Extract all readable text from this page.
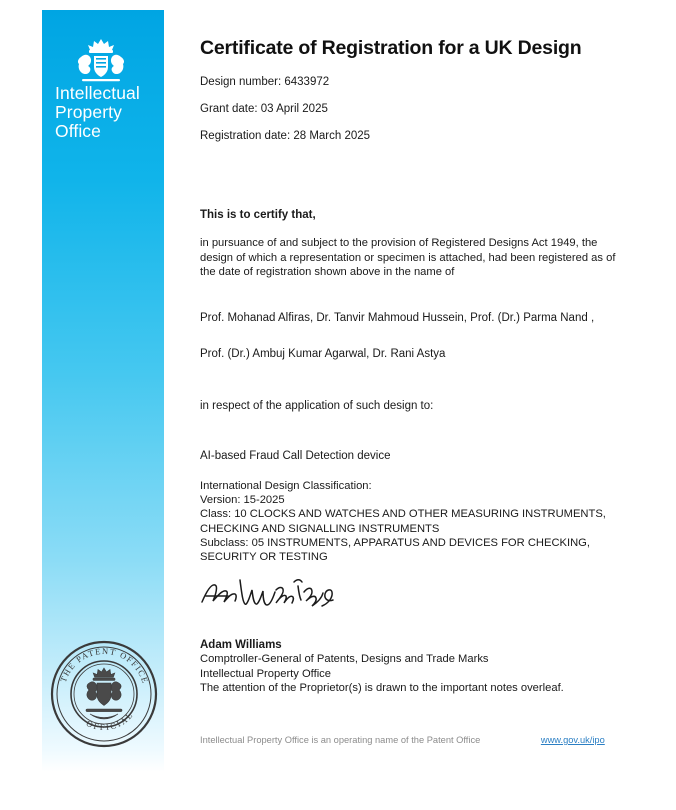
Intellectual
Property
Office
THE PATENT OFFICE
OFFICIAL
Certificate of Registration for a UK Design
Design number: 6433972
Grant date: 03 April 2025
Registration date: 28 March 2025
This is to certify that,
in pursuance of and subject to the provision of Registered Designs Act 1949, the design of which a representation or specimen is attached, had been registered as of the date of registration shown above in the name of
Prof. Mohanad Alfiras, Dr. Tanvir Mahmoud Hussein, Prof. (Dr.) Parma Nand ,
Prof. (Dr.) Ambuj Kumar Agarwal, Dr. Rani Astya
in respect of the application of such design to:
AI-based Fraud Call Detection device
International Design Classification:
Version: 15-2025
Class: 10 CLOCKS AND WATCHES AND OTHER MEASURING INSTRUMENTS, CHECKING AND SIGNALLING INSTRUMENTS
Subclass: 05 INSTRUMENTS, APPARATUS AND DEVICES FOR CHECKING, SECURITY OR TESTING
Adam Williams
Comptroller-General of Patents, Designs and Trade Marks
Intellectual Property Office
The attention of the Proprietor(s) is drawn to the important notes overleaf.
Intellectual Property Office is an operating name of the Patent Office	www.gov.uk/ipo
